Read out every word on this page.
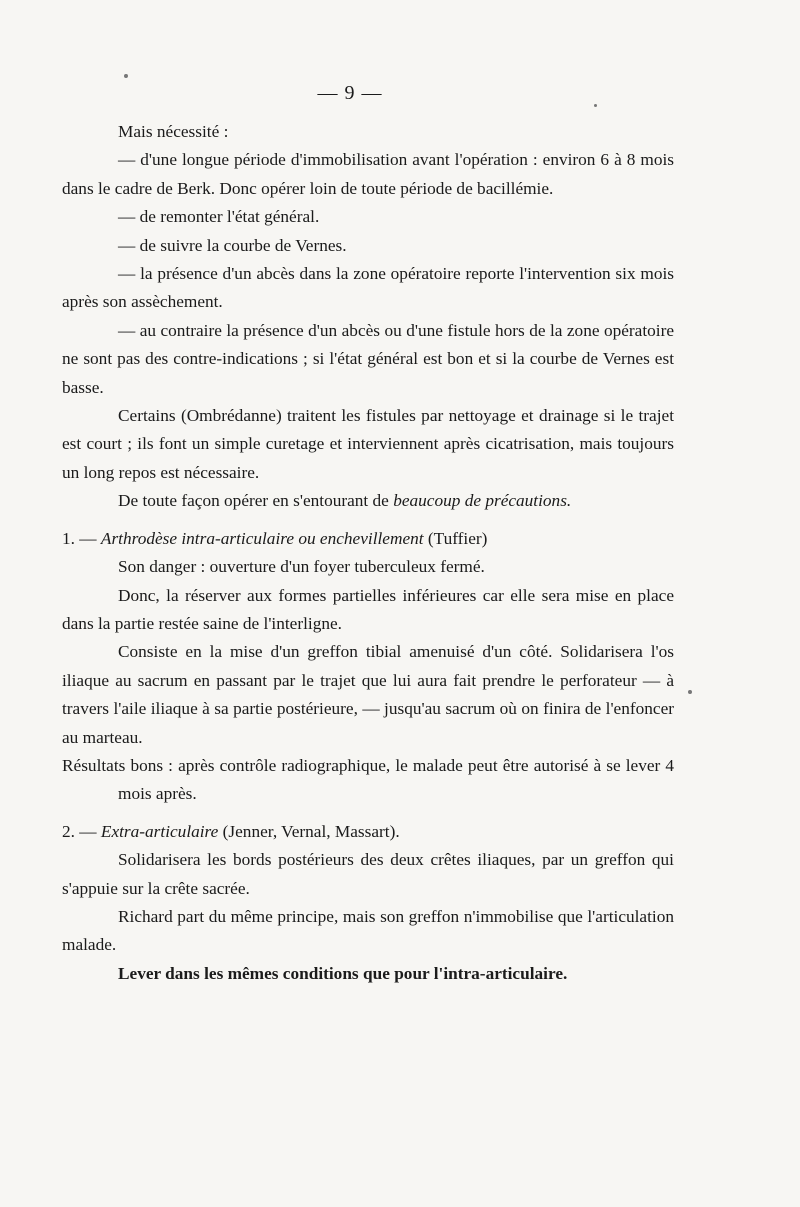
— 9 —

Mais nécessité :

— d'une longue période d'immobilisation avant l'opération : environ 6 à 8 mois dans le cadre de Berk. Donc opérer loin de toute période de bacillémie.

— de remonter l'état général.

— de suivre la courbe de Vernes.

— la présence d'un abcès dans la zone opératoire reporte l'intervention six mois après son assèchement.

— au contraire la présence d'un abcès ou d'une fistule hors de la zone opératoire ne sont pas des contre-indications ; si l'état général est bon et si la courbe de Vernes est basse.

Certains (Ombrédanne) traitent les fistules par nettoyage et drainage si le trajet est court ; ils font un simple curetage et interviennent après cicatrisation, mais toujours un long repos est nécessaire.

De toute façon opérer en s'entourant de beaucoup de précautions.

1. — Arthrodèse intra-articulaire ou enchevillement (Tuffier)

Son danger : ouverture d'un foyer tuberculeux fermé.

Donc, la réserver aux formes partielles inférieures car elle sera mise en place dans la partie restée saine de l'interligne.

Consiste en la mise d'un greffon tibial amenuisé d'un côté. Solidarisera l'os iliaque au sacrum en passant par le trajet que lui aura fait prendre le perforateur — à travers l'aile iliaque à sa partie postérieure, — jusqu'au sacrum où on finira de l'enfoncer au marteau.

Résultats bons : après contrôle radiographique, le malade peut être autorisé à se lever 4 mois après.

2. — Extra-articulaire (Jenner, Vernal, Massart).

Solidarisera les bords postérieurs des deux crêtes iliaques, par un greffon qui s'appuie sur la crête sacrée.

Richard part du même principe, mais son greffon n'immobilise que l'articulation malade.

Lever dans les mêmes conditions que pour l'intra-articulaire.
